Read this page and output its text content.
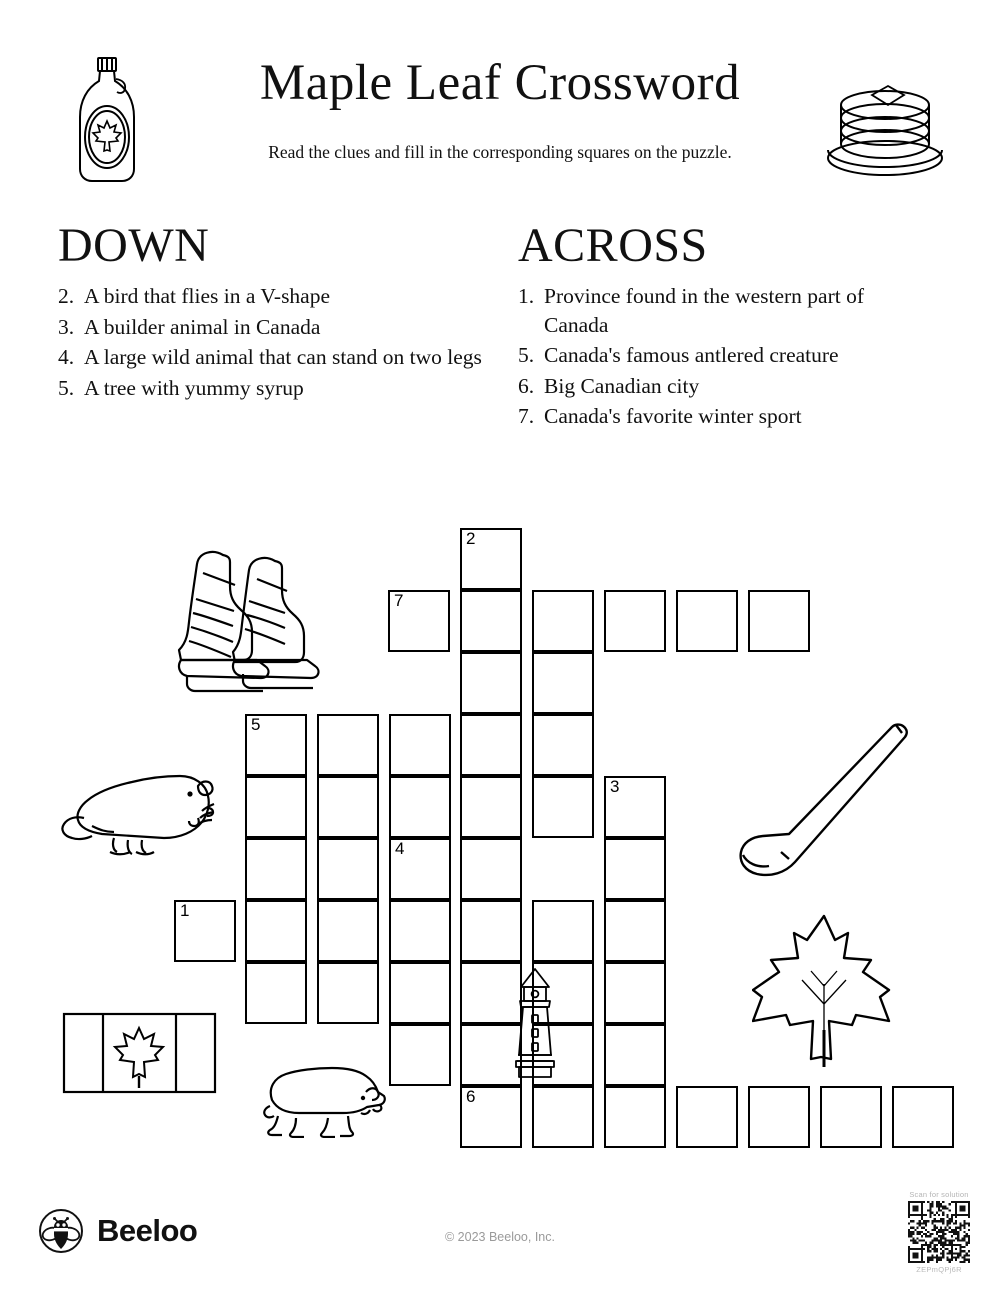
Maple Leaf Crossword
Read the clues and fill in the corresponding squares on the puzzle.
DOWN
2. A bird that flies in a V-shape
3. A builder animal in Canada
4. A large wild animal that can stand on two legs
5. A tree with yummy syrup
ACROSS
1. Province found in the western part of Canada
5. Canada's famous antlered creature
6. Big Canadian city
7. Canada's favorite winter sport
2
7
5
3
4
1
6
Beeloo	© 2023 Beeloo, Inc.
Scan for solution
ZEPmQPj6R
